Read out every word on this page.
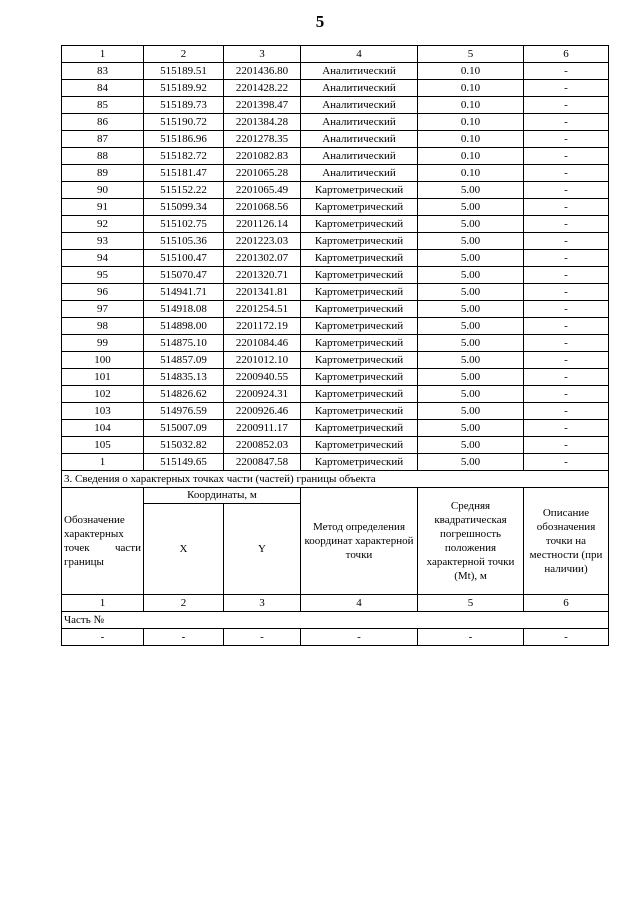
5
1	2	3	4	5	6
83	515189.51	2201436.80	Аналитический	0.10	-
84	515189.92	2201428.22	Аналитический	0.10	-
85	515189.73	2201398.47	Аналитический	0.10	-
86	515190.72	2201384.28	Аналитический	0.10	-
87	515186.96	2201278.35	Аналитический	0.10	-
88	515182.72	2201082.83	Аналитический	0.10	-
89	515181.47	2201065.28	Аналитический	0.10	-
90	515152.22	2201065.49	Картометрический	5.00	-
91	515099.34	2201068.56	Картометрический	5.00	-
92	515102.75	2201126.14	Картометрический	5.00	-
93	515105.36	2201223.03	Картометрический	5.00	-
94	515100.47	2201302.07	Картометрический	5.00	-
95	515070.47	2201320.71	Картометрический	5.00	-
96	514941.71	2201341.81	Картометрический	5.00	-
97	514918.08	2201254.51	Картометрический	5.00	-
98	514898.00	2201172.19	Картометрический	5.00	-
99	514875.10	2201084.46	Картометрический	5.00	-
100	514857.09	2201012.10	Картометрический	5.00	-
101	514835.13	2200940.55	Картометрический	5.00	-
102	514826.62	2200924.31	Картометрический	5.00	-
103	514976.59	2200926.46	Картометрический	5.00	-
104	515007.09	2200911.17	Картометрический	5.00	-
105	515032.82	2200852.03	Картометрический	5.00	-
1	515149.65	2200847.58	Картометрический	5.00	-
3. Сведения о характерных точках части (частей) границы объекта					
Обозначение характерных точек части границы	Координаты, м		Метод определения координат характерной точки	Средняя квадратическая погрешность положения характерной точки (Mt), м	Описание обозначения точки на местности (при наличии)
	X	Y			
1	2	3	4	5	6
Часть №					
-	-	-	-	-	-
